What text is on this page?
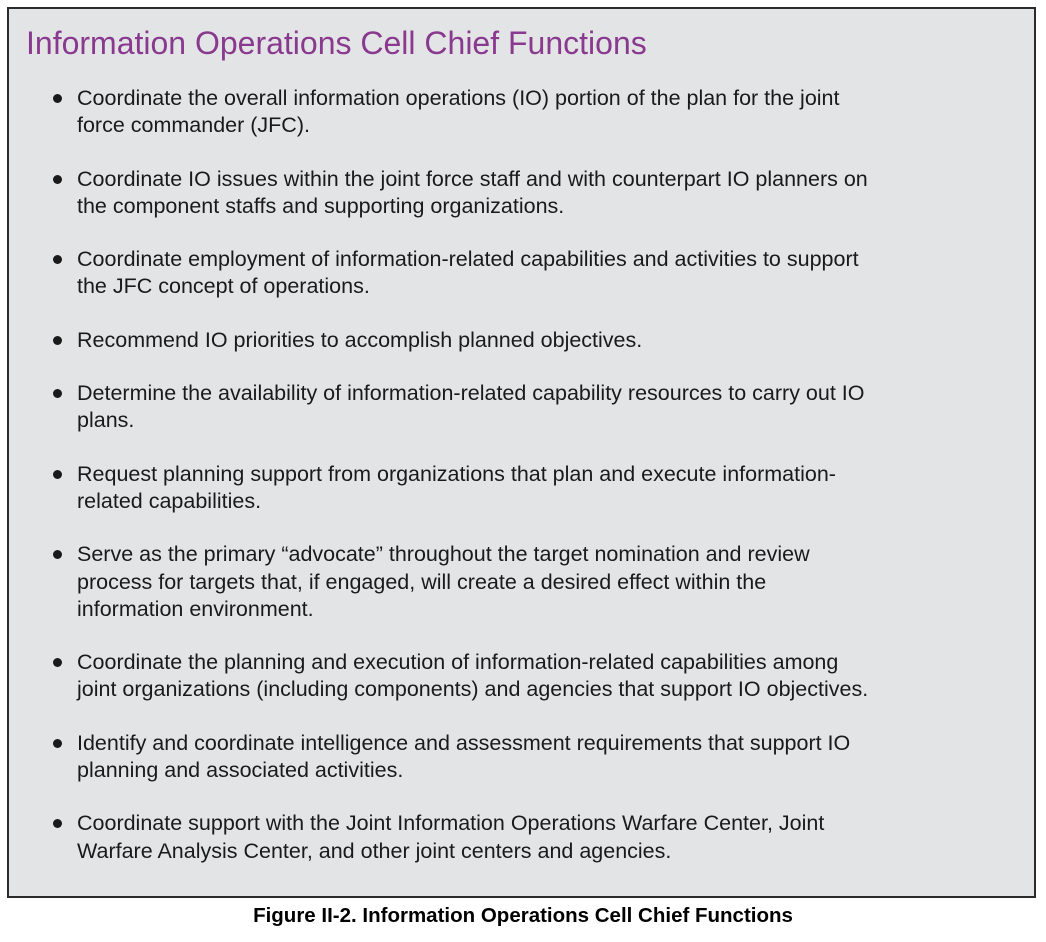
Information Operations Cell Chief Functions
Coordinate the overall information operations (IO) portion of the plan for the joint
force commander (JFC).
Coordinate IO issues within the joint force staff and with counterpart IO planners on
the component staffs and supporting organizations.
Coordinate employment of information-related capabilities and activities to support
the JFC concept of operations.
Recommend IO priorities to accomplish planned objectives.
Determine the availability of information-related capability resources to carry out IO
plans.
Request planning support from organizations that plan and execute information-
related capabilities.
Serve as the primary “advocate” throughout the target nomination and review
process for targets that, if engaged, will create a desired effect within the
information environment.
Coordinate the planning and execution of information-related capabilities among
joint organizations (including components) and agencies that support IO objectives.
Identify and coordinate intelligence and assessment requirements that support IO
planning and associated activities.
Coordinate support with the Joint Information Operations Warfare Center, Joint
Warfare Analysis Center, and other joint centers and agencies.
Figure II-2. Information Operations Cell Chief Functions
